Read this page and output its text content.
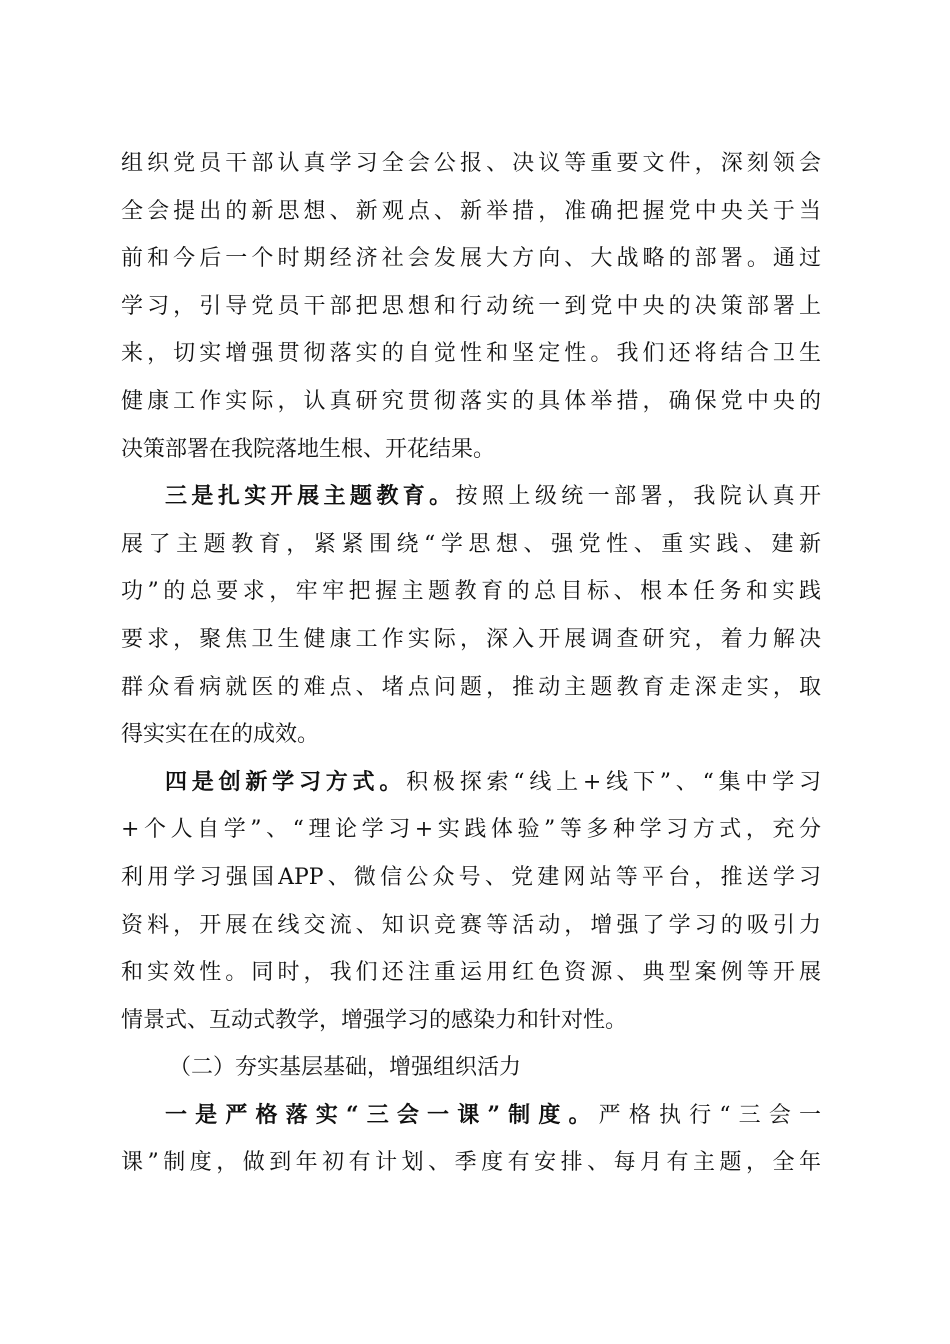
组织党员干部认真学习全会公报、决议等重要文件，深刻领会
全会提出的新思想、新观点、新举措，准确把握党中央关于当
前和今后一个时期经济社会发展大方向、大战略的部署。通过
学习，引导党员干部把思想和行动统一到党中央的决策部署上
来，切实增强贯彻落实的自觉性和坚定性。我们还将结合卫生
健康工作实际，认真研究贯彻落实的具体举措，确保党中央的
决策部署在我院落地生根、开花结果。
三是扎实开展主题教育。按照上级统一部署，我院认真开
展了主题教育，紧紧围绕“学思想、强党性、重实践、建新
功”的总要求，牢牢把握主题教育的总目标、根本任务和实践
要求，聚焦卫生健康工作实际，深入开展调查研究，着力解决
群众看病就医的难点、堵点问题，推动主题教育走深走实，取
得实实在在的成效。
四是创新学习方式。积极探索“线上+线下”、“集中学习
+个人自学”、“理论学习+实践体验”等多种学习方式，充分
利用学习强国APP、微信公众号、党建网站等平台，推送学习
资料，开展在线交流、知识竞赛等活动，增强了学习的吸引力
和实效性。同时，我们还注重运用红色资源、典型案例等开展
情景式、互动式教学，增强学习的感染力和针对性。
（二）夯实基层基础，增强组织活力
一是严格落实“三会一课”制度。严格执行“三会一
课”制度，做到年初有计划、季度有安排、每月有主题，全年
